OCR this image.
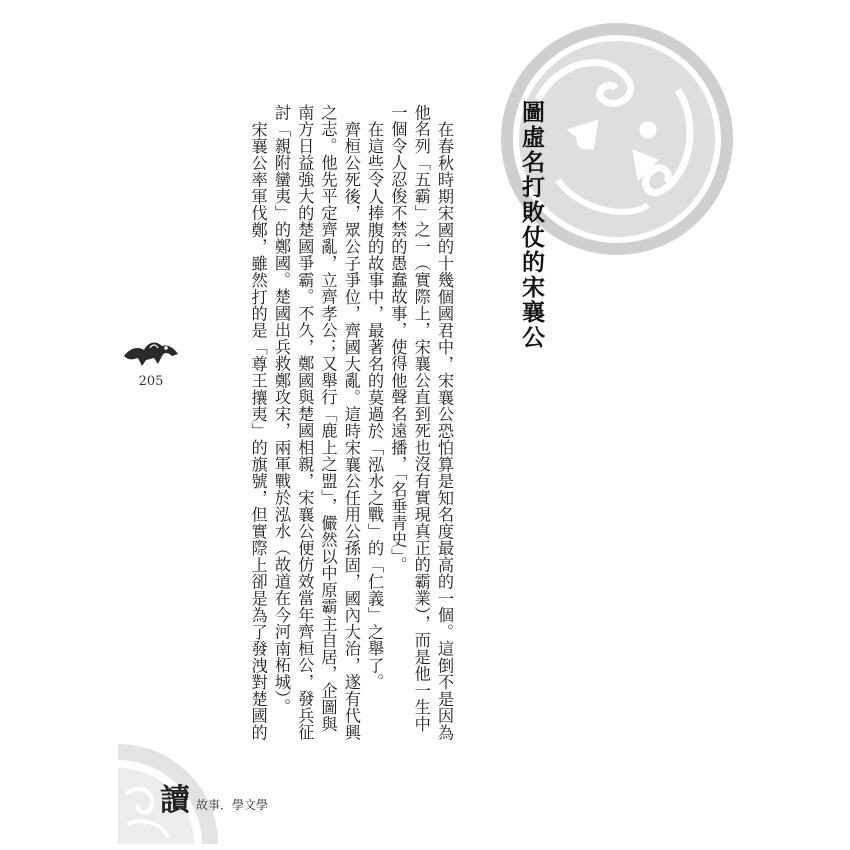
圖虛名打敗仗的宋襄公

在春秋時期宋國的十幾個國君中，宋襄公恐怕算是知名度最高的一個。這倒不是因為他名列「五霸」之一（實際上，宋襄公直到死也沒有實現真正的霸業），而是他一生中一個令人忍俊不禁的愚蠢故事，使得他聲名遠播，「名垂青史」。

在這些令人捧腹的故事中，最著名的莫過於「泓水之戰」的「仁義」之舉了。

齊桓公死後，眾公子爭位，齊國大亂。這時宋襄公任用公孫固，國內大治，遂有代興之志。他先平定齊亂，立齊孝公；又舉行「鹿上之盟」，儼然以中原霸主自居，企圖與南方日益強大的楚國爭霸。不久，鄭國與楚國相親，宋襄公便仿效當年齊桓公，發兵征討「親附蠻夷」的鄭國。楚國出兵救鄭攻宋，兩軍戰於泓水（故道在今河南柘城）。

宋襄公率軍伐鄭，雖然打的是「尊王攘夷」的旗號，但實際上卻是為了發洩對楚國的

205
讀 故事．學文學
